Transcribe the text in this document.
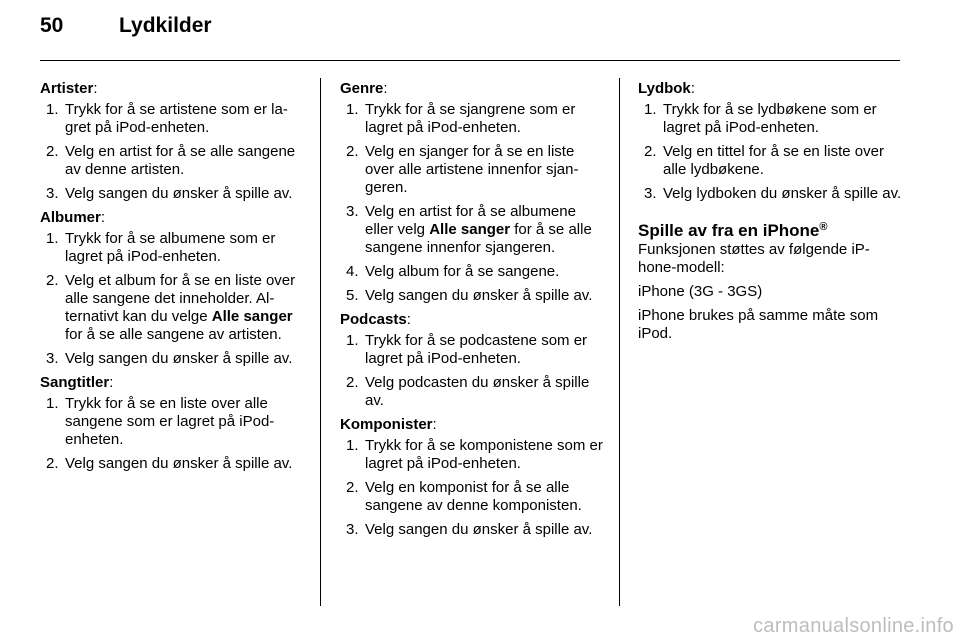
50	Lydkilder

Artister:

1. Trykk for å se artistene som er la-gret på iPod-enheten.
2. Velg en artist for å se alle sangene av denne artisten.
3. Velg sangen du ønsker å spille av.

Albumer:

1. Trykk for å se albumene som er lagret på iPod-enheten.
2. Velg et album for å se en liste over alle sangene det inneholder. Al-ternativt kan du velge Alle sanger for å se alle sangene av artisten.
3. Velg sangen du ønsker å spille av.

Sangtitler:

1. Trykk for å se en liste over alle sangene som er lagret på iPod-enheten.
2. Velg sangen du ønsker å spille av.

Genre:

1. Trykk for å se sjangrene som er lagret på iPod-enheten.
2. Velg en sjanger for å se en liste over alle artistene innenfor sjan-geren.
3. Velg en artist for å se albumene eller velg Alle sanger for å se alle sangene innenfor sjangeren.
4. Velg album for å se sangene.
5. Velg sangen du ønsker å spille av.

Podcasts:

1. Trykk for å se podcastene som er lagret på iPod-enheten.
2. Velg podcasten du ønsker å spille av.

Komponister:

1. Trykk for å se komponistene som er lagret på iPod-enheten.
2. Velg en komponist for å se alle sangene av denne komponisten.
3. Velg sangen du ønsker å spille av.

Lydbok:

1. Trykk for å se lydbøkene som er lagret på iPod-enheten.
2. Velg en tittel for å se en liste over alle lydbøkene.
3. Velg lydboken du ønsker å spille av.
Spille av fra en iPhone®

Funksjonen støttes av følgende iP-hone-modell:

iPhone (3G - 3GS)

iPhone brukes på samme måte som iPod.

carmanualsonline.info
